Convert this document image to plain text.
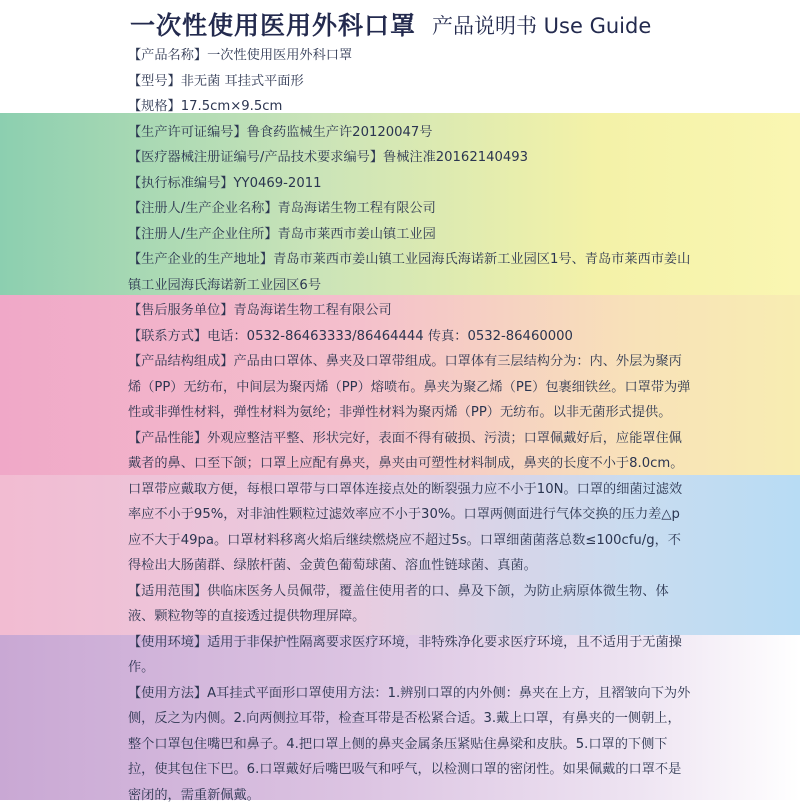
一次性使用医用外科口罩 产品说明书 Use Guide

【产品名称】一次性使用医用外科口罩

【型号】非无菌 耳挂式平面形

【规格】17.5cm×9.5cm

【生产许可证编号】鲁食药监械生产许20120047号

【医疗器械注册证编号/产品技术要求编号】鲁械注准20162140493

【执行标准编号】YY0469-2011

【注册人/生产企业名称】青岛海诺生物工程有限公司

【注册人/生产企业住所】青岛市莱西市姜山镇工业园

【生产企业的生产地址】青岛市莱西市姜山镇工业园海氏海诺新工业园区1号、青岛市莱西市姜山镇工业园海氏海诺新工业园区6号

【售后服务单位】青岛海诺生物工程有限公司

【联系方式】电话：0532-86463333/86464444 传真：0532-86460000

【产品结构组成】产品由口罩体、鼻夹及口罩带组成。口罩体有三层结构分为：内、外层为聚丙烯（PP）无纺布，中间层为聚丙烯（PP）熔喷布。鼻夹为聚乙烯（PE）包裹细铁丝。口罩带为弹性或非弹性材料，弹性材料为氨纶；非弹性材料为聚丙烯（PP）无纺布。以非无菌形式提供。

【产品性能】外观应整洁平整、形状完好，表面不得有破损、污渍；口罩佩戴好后，应能罩住佩戴者的鼻、口至下颌；口罩上应配有鼻夹，鼻夹由可塑性材料制成，鼻夹的长度不小于8.0cm。口罩带应戴取方便，每根口罩带与口罩体连接点处的断裂强力应不小于10N。口罩的细菌过滤效率应不小于95%，对非油性颗粒过滤效率应不小于30%。口罩两侧面进行气体交换的压力差△p应不大于49pa。口罩材料移离火焰后继续燃烧应不超过5s。口罩细菌菌落总数≤100cfu/g，不得检出大肠菌群、绿脓杆菌、金黄色葡萄球菌、溶血性链球菌、真菌。

【适用范围】供临床医务人员佩带，覆盖住使用者的口、鼻及下颌，为防止病原体微生物、体液、颗粒物等的直接透过提供物理屏障。

【使用环境】适用于非保护性隔离要求医疗环境，非特殊净化要求医疗环境，且不适用于无菌操作。

【使用方法】A耳挂式平面形口罩使用方法：1.辨别口罩的内外侧：鼻夹在上方，且褶皱向下为外侧，反之为内侧。2.向两侧拉耳带，检查耳带是否松紧合适。3.戴上口罩，有鼻夹的一侧朝上，整个口罩包住嘴巴和鼻子。4.把口罩上侧的鼻夹金属条压紧贴住鼻梁和皮肤。5.口罩的下侧下拉，使其包住下巴。6.口罩戴好后嘴巴吸气和呼气，以检测口罩的密闭性。如果佩戴的口罩不是密闭的，需重新佩戴。
